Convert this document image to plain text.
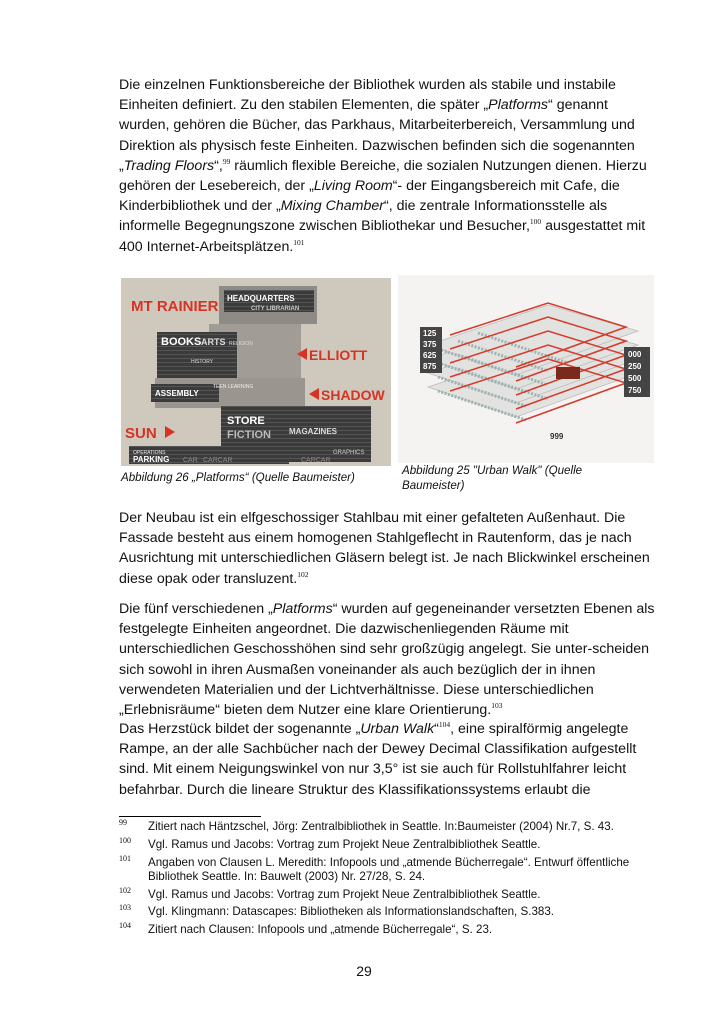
Die einzelnen Funktionsbereiche der Bibliothek wurden als stabile und instabile Einheiten definiert. Zu den stabilen Elementen, die später „Platforms“ genannt wurden, gehören die Bücher, das Parkhaus, Mitarbeiterbereich, Versammlung und Direktion als physisch feste Einheiten. Dazwischen befinden sich die sogenannten „Trading Floors“,$^{99}$ räumlich flexible Bereiche, die sozialen Nutzungen dienen. Hierzu gehören der Lesebereich, der „Living Room“- der Eingangsbereich mit Cafe, die Kinderbibliothek und der „Mixing Chamber“, die zentrale Informationsstelle als informelle Begegnungszone zwischen Bibliothekar und Besucher,$^{100}$ ausgestattet mit 400 Internet-Arbeitsplätzen.$^{101}$

MT RAINIER
ELLIOTT
SHADOW
SUN
HEADQUARTERS
CITY LIBRARIAN
BOOKS ARTS RELIGION
HISTORY
ASSEMBLY
TEEN LEARNING
STORE
FICTION MAGAZINES
GRAPHICS
OPERATIONS
PARKING CAR CARCAR	CARCAR
125
375
625
875
000
250
500
750
999
Abbildung 26 „Platforms“ (Quelle Baumeister)
Abbildung 25 "Urban Walk" (Quelle Baumeister)

Der Neubau ist ein elfgeschossiger Stahlbau mit einer gefalteten Außenhaut. Die Fassade besteht aus einem homogenen Stahlgeflecht in Rautenform, das je nach Ausrichtung mit unterschiedlichen Gläsern belegt ist. Je nach Blickwinkel erscheinen diese opak oder transluzent.$^{102}$

Die fünf verschiedenen „Platforms“ wurden auf gegeneinander versetzten Ebenen als festgelegte Einheiten angeordnet. Die dazwischenliegenden Räume mit unterschiedlichen Geschosshöhen sind sehr großzügig angelegt. Sie unter-scheiden sich sowohl in ihren Ausmaßen voneinander als auch bezüglich der in ihnen verwendeten Materialien und der Lichtverhältnisse. Diese unterschiedlichen „Erlebnisräume“ bieten dem Nutzer eine klare Orientierung.$^{103}$

Das Herzstück bildet der sogenannte „Urban Walk“$^{104}$, eine spiralförmig angelegte Rampe, an der alle Sachbücher nach der Dewey Decimal Classifikation aufgestellt sind. Mit einem Neigungswinkel von nur 3,5° ist sie auch für Rollstuhlfahrer leicht befahrbar. Durch die lineare Struktur des Klassifikationssystems erlaubt die

99 Zitiert nach Häntzschel, Jörg: Zentralbibliothek in Seattle. In:Baumeister (2004) Nr.7, S. 43.
100 Vgl. Ramus und Jacobs: Vortrag zum Projekt Neue Zentralbibliothek Seattle.
101 Angaben von Clausen L. Meredith: Infopools und „atmende Bücherregale“. Entwurf öffentliche Bibliothek Seattle. In: Bauwelt (2003) Nr. 27/28, S. 24.
102 Vgl. Ramus und Jacobs: Vortrag zum Projekt Neue Zentralbibliothek Seattle.
103 Vgl. Klingmann: Datascapes: Bibliotheken als Informationslandschaften, S.383.
104 Zitiert nach Clausen: Infopools und „atmende Bücherregale“, S. 23.
29
